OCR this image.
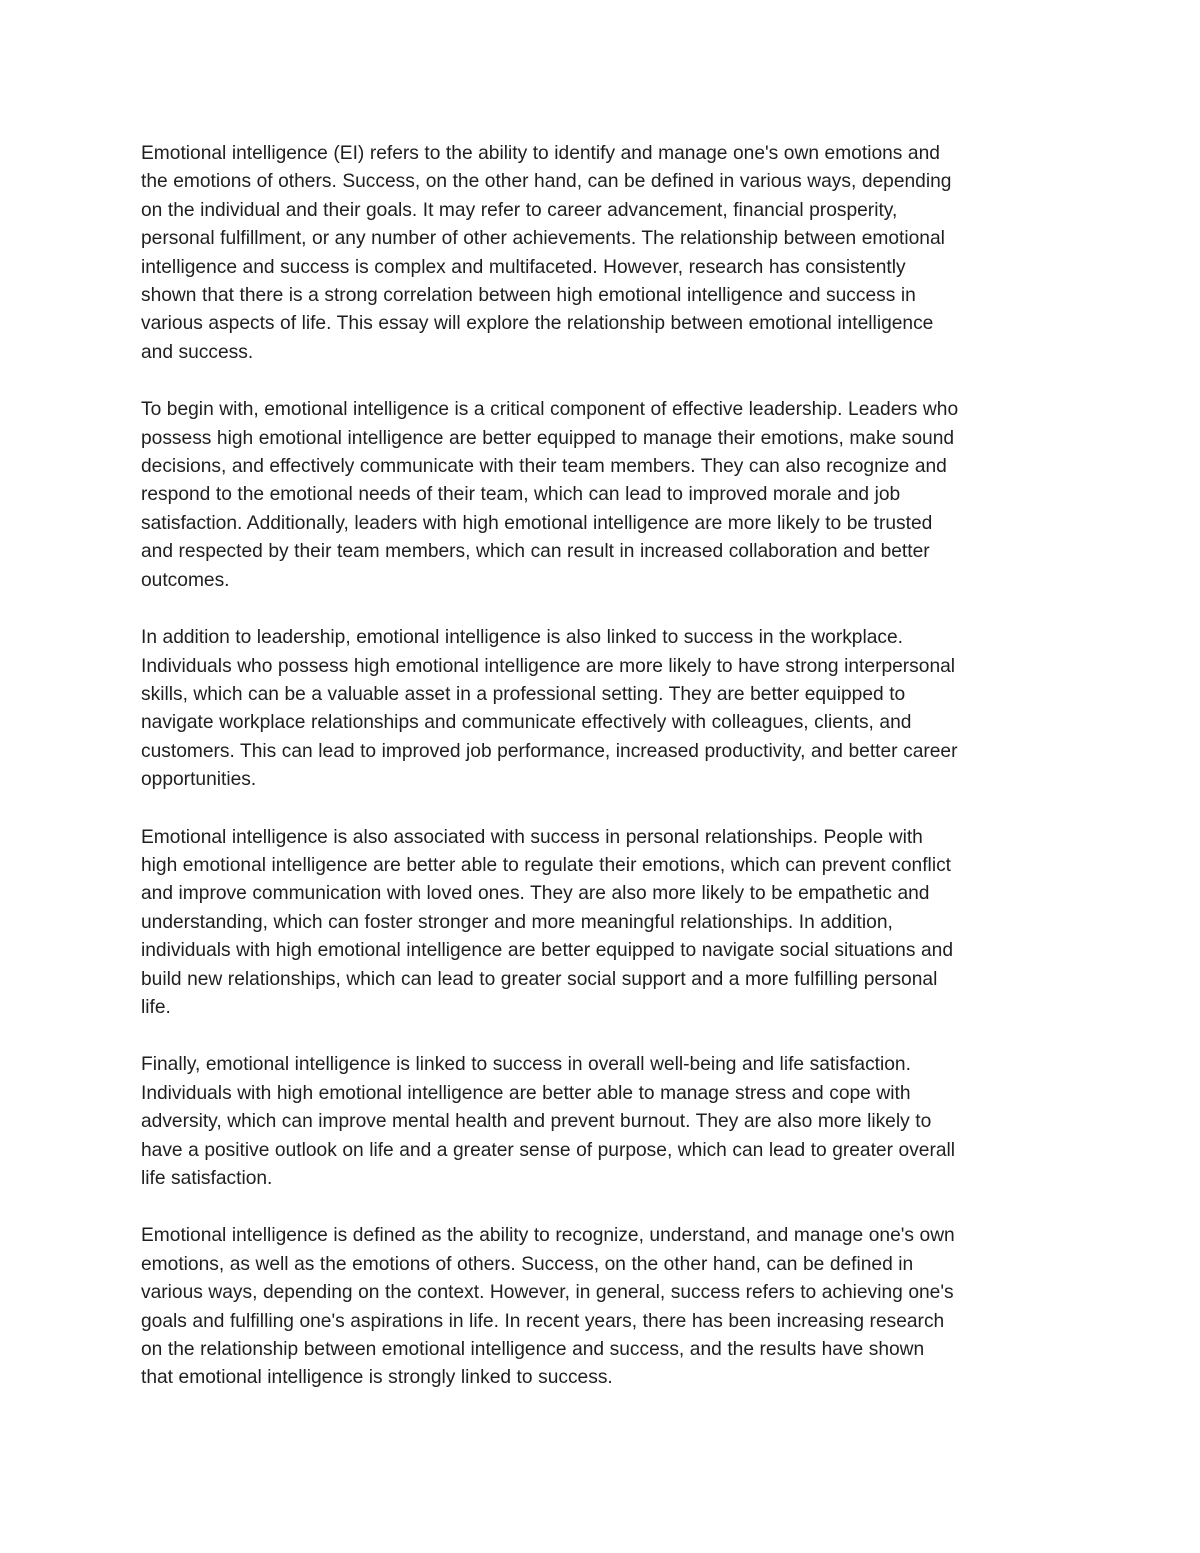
Emotional intelligence (EI) refers to the ability to identify and manage one's own emotions and
the emotions of others. Success, on the other hand, can be defined in various ways, depending
on the individual and their goals. It may refer to career advancement, financial prosperity,
personal fulfillment, or any number of other achievements. The relationship between emotional
intelligence and success is complex and multifaceted. However, research has consistently
shown that there is a strong correlation between high emotional intelligence and success in
various aspects of life. This essay will explore the relationship between emotional intelligence
and success.

To begin with, emotional intelligence is a critical component of effective leadership. Leaders who
possess high emotional intelligence are better equipped to manage their emotions, make sound
decisions, and effectively communicate with their team members. They can also recognize and
respond to the emotional needs of their team, which can lead to improved morale and job
satisfaction. Additionally, leaders with high emotional intelligence are more likely to be trusted
and respected by their team members, which can result in increased collaboration and better
outcomes.

In addition to leadership, emotional intelligence is also linked to success in the workplace.
Individuals who possess high emotional intelligence are more likely to have strong interpersonal
skills, which can be a valuable asset in a professional setting. They are better equipped to
navigate workplace relationships and communicate effectively with colleagues, clients, and
customers. This can lead to improved job performance, increased productivity, and better career
opportunities.

Emotional intelligence is also associated with success in personal relationships. People with
high emotional intelligence are better able to regulate their emotions, which can prevent conflict
and improve communication with loved ones. They are also more likely to be empathetic and
understanding, which can foster stronger and more meaningful relationships. In addition,
individuals with high emotional intelligence are better equipped to navigate social situations and
build new relationships, which can lead to greater social support and a more fulfilling personal
life.

Finally, emotional intelligence is linked to success in overall well-being and life satisfaction.
Individuals with high emotional intelligence are better able to manage stress and cope with
adversity, which can improve mental health and prevent burnout. They are also more likely to
have a positive outlook on life and a greater sense of purpose, which can lead to greater overall
life satisfaction.

Emotional intelligence is defined as the ability to recognize, understand, and manage one's own
emotions, as well as the emotions of others. Success, on the other hand, can be defined in
various ways, depending on the context. However, in general, success refers to achieving one's
goals and fulfilling one's aspirations in life. In recent years, there has been increasing research
on the relationship between emotional intelligence and success, and the results have shown
that emotional intelligence is strongly linked to success.
